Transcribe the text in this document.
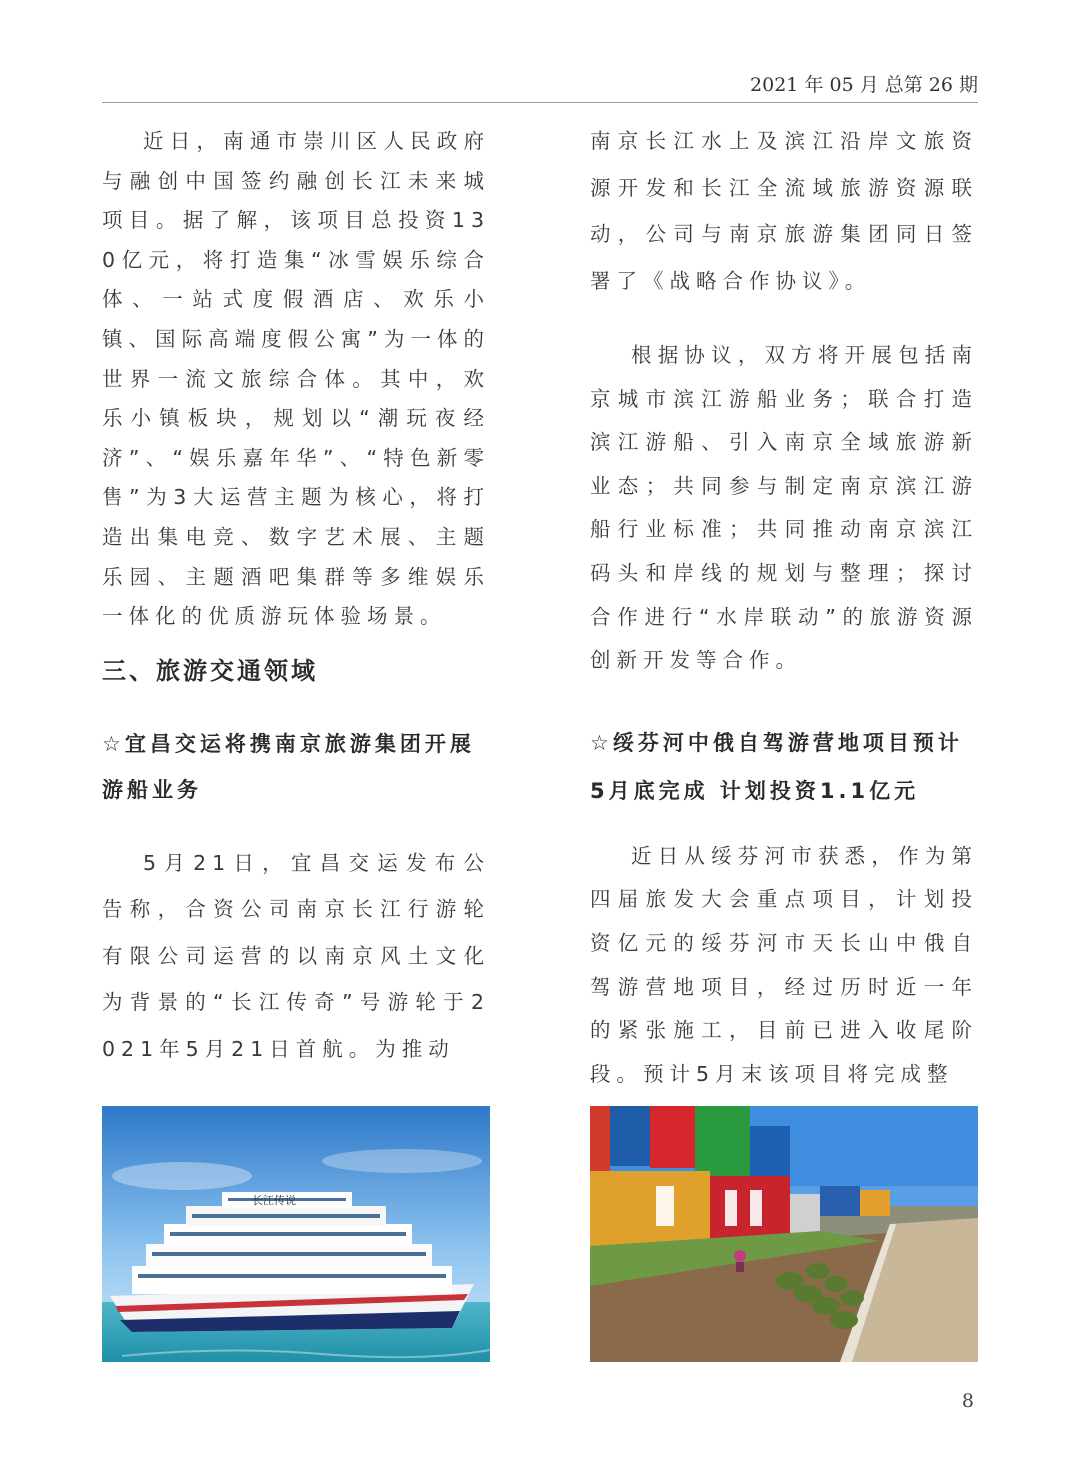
2021 年 05 月 总第 26 期

近日，南通市崇川区人民政府与融创中国签约融创长江未来城项目。据了解，该项目总投资130亿元，将打造集“冰雪娱乐综合体、一站式度假酒店、欢乐小镇、国际高端度假公寓”为一体的世界一流文旅综合体。其中，欢乐小镇板块，规划以“潮玩夜经济”、“娱乐嘉年华”、“特色新零售”为3大运营主题为核心，将打造出集电竞、数字艺术展、主题乐园、主题酒吧集群等多维娱乐一体化的优质游玩体验场景。

三、旅游交通领域

☆宜昌交运将携南京旅游集团开展游船业务

5月21日，宜昌交运发布公告称，合资公司南京长江行游轮有限公司运营的以南京风土文化为背景的“长江传奇”号游轮于2021年5月21日首航。为推动

长江传说

南京长江水上及滨江沿岸文旅资源开发和长江全流域旅游资源联动，公司与南京旅游集团同日签署了《战略合作协议》。

根据协议，双方将开展包括南京城市滨江游船业务；联合打造滨江游船、引入南京全域旅游新业态；共同参与制定南京滨江游船行业标准；共同推动南京滨江码头和岸线的规划与整理；探讨合作进行“水岸联动”的旅游资源创新开发等合作。

☆绥芬河中俄自驾游营地项目预计5月底完成 计划投资1.1亿元

近日从绥芬河市获悉，作为第四届旅发大会重点项目，计划投资亿元的绥芬河市天长山中俄自驾游营地项目，经过历时近一年的紧张施工，目前已进入收尾阶段。预计5月末该项目将完成整

8
